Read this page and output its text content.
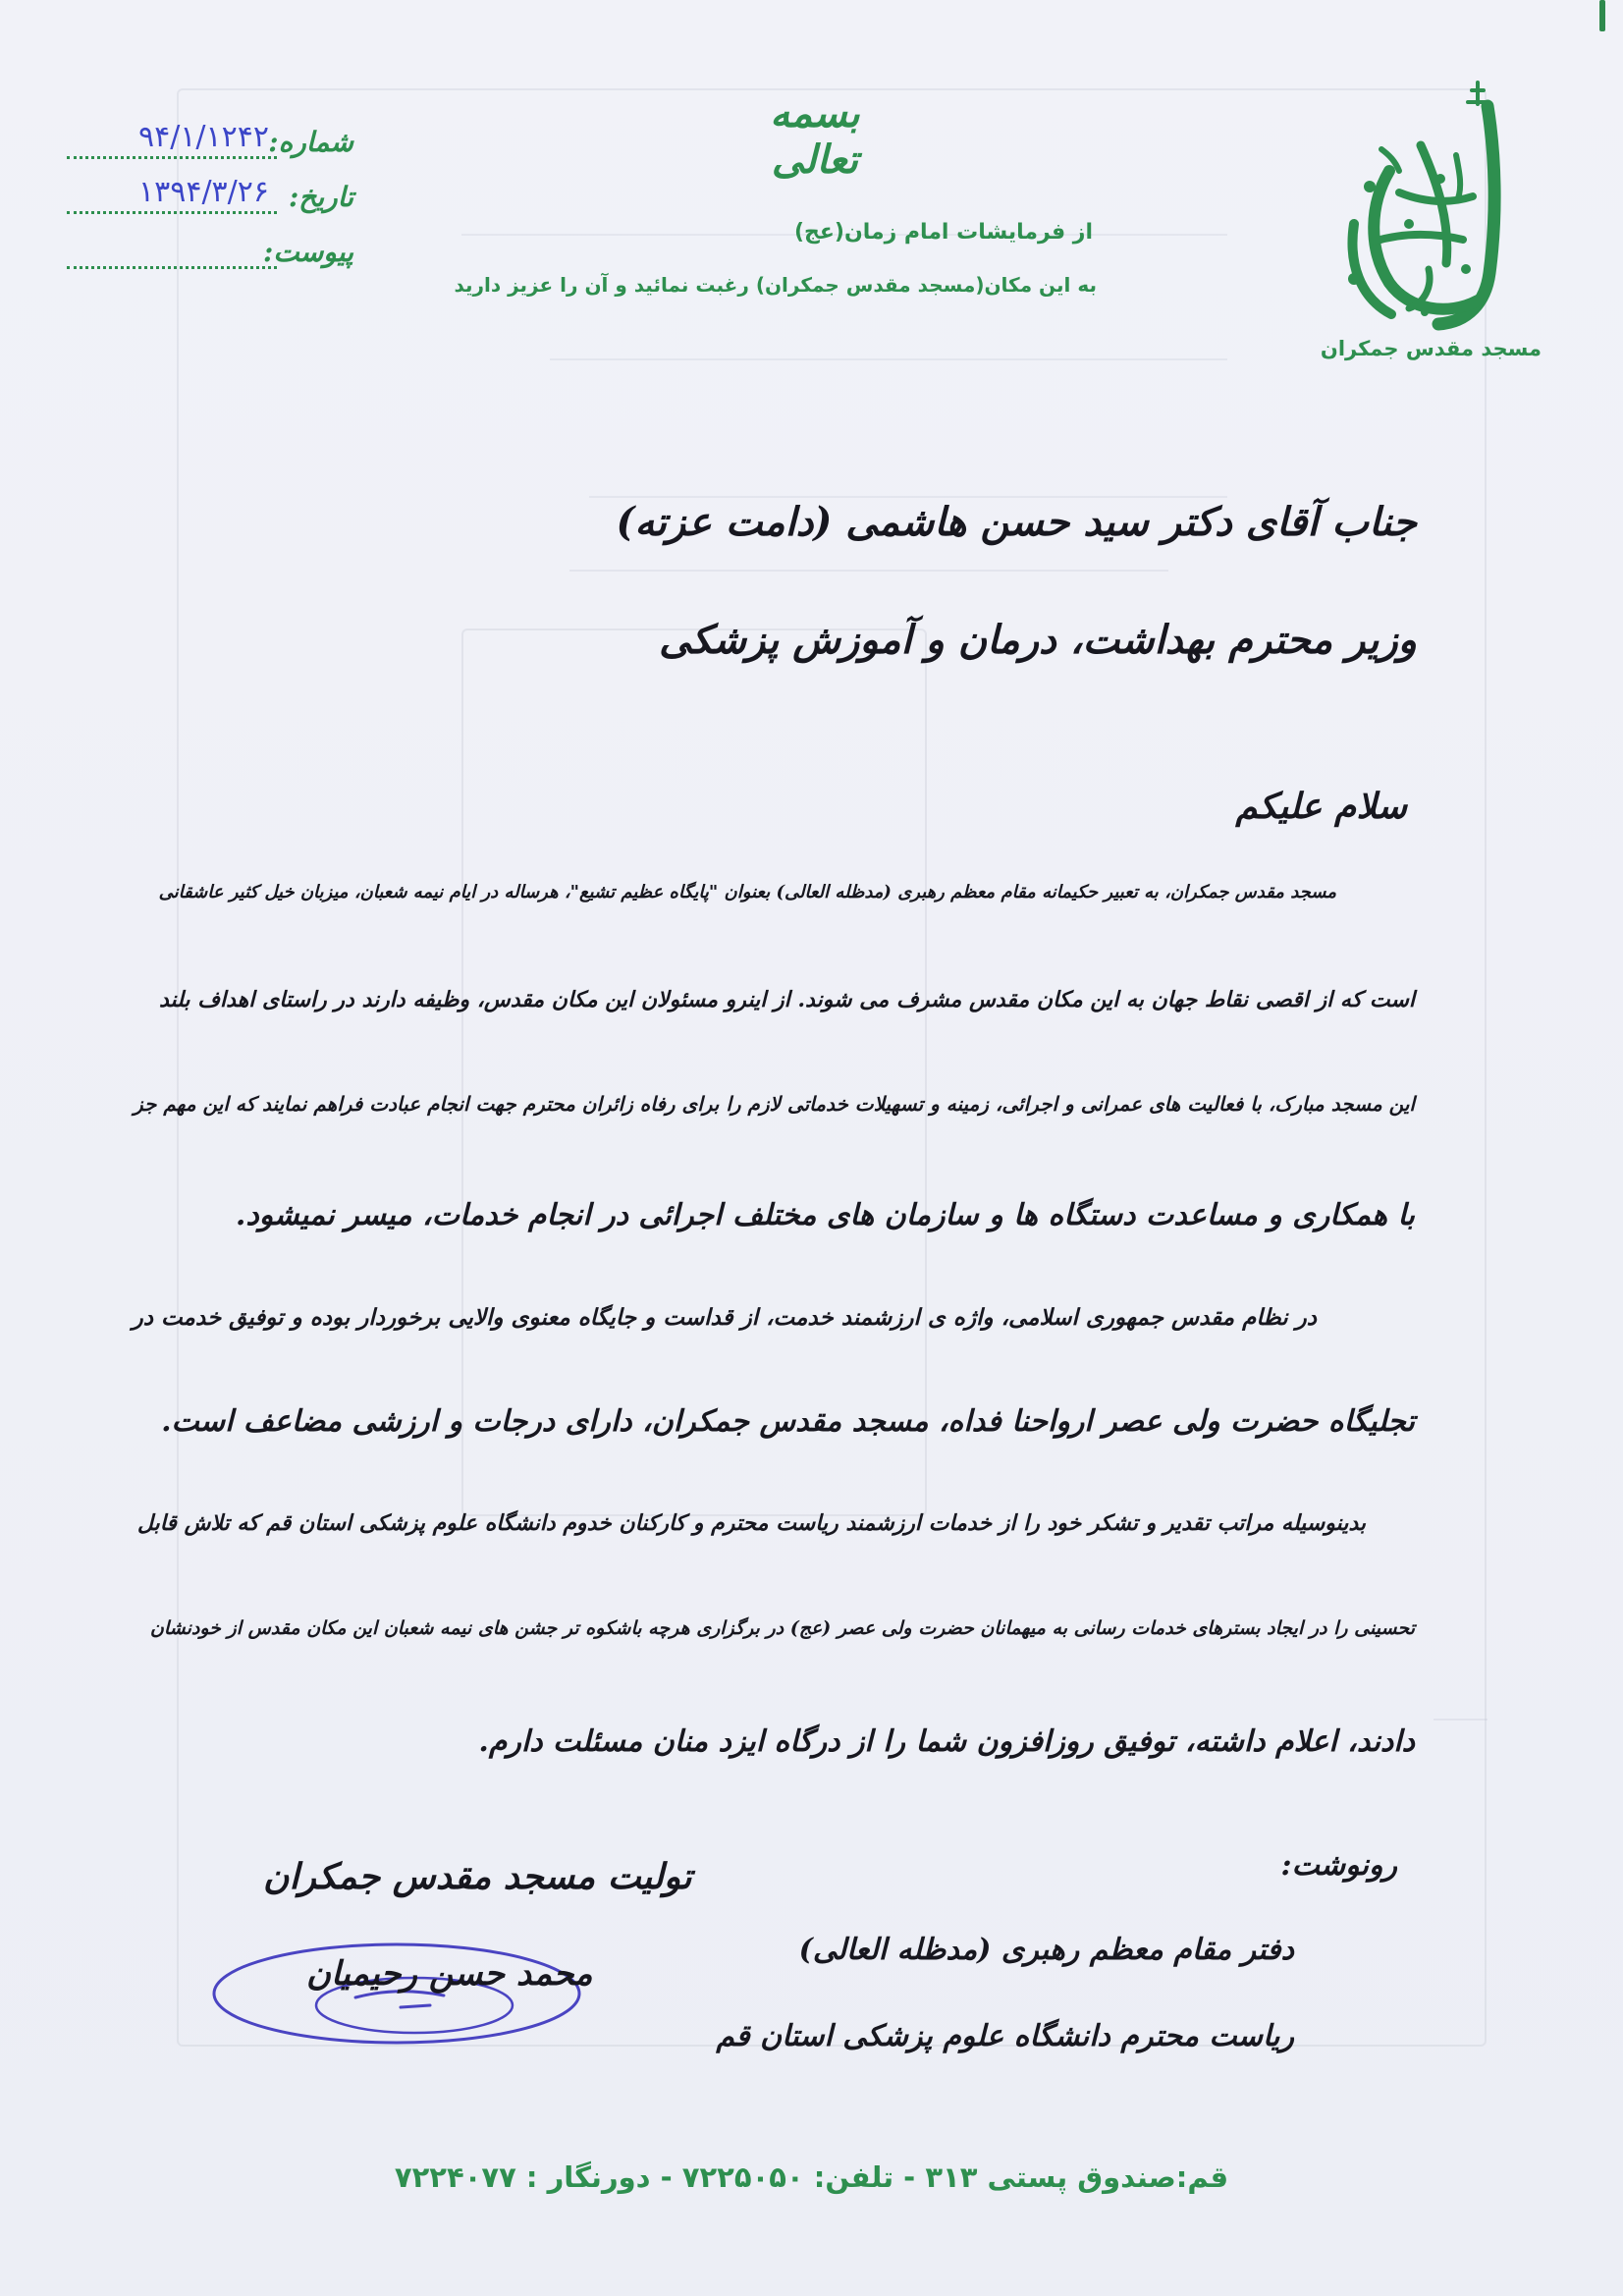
شماره:
۹۴/۱/۱۲۴۲
تاریخ:
۱۳۹۴/۳/۲۶
پیوست:
بسمه تعالی
از فرمایشات امام زمان(عج)
به این مکان(مسجد مقدس جمکران) رغبت نمائید و آن را عزیز دارید
مسجد مقدس جمکران
جناب آقای دکتر سید حسن هاشمی (دامت عزته)
وزیر محترم بهداشت، درمان و آموزش پزشکی
سلام علیکم
مسجد مقدس جمکران، به تعبیر حکیمانه مقام معظم رهبری (مدظله العالی) بعنوان "پایگاه عظیم تشیع"، هرساله در ایام نیمه شعبان، میزبان خیل کثیر عاشقانی
است که از اقصی نقاط جهان به این مکان مقدس مشرف می شوند. از اینرو مسئولان این مکان مقدس، وظیفه دارند در راستای اهداف بلند
این مسجد مبارک، با فعالیت های عمرانی و اجرائی، زمینه و تسهیلات خدماتی لازم را برای رفاه زائران محترم جهت انجام عبادت فراهم نمایند که این مهم جز
با همکاری و مساعدت دستگاه ها و سازمان های مختلف اجرائی در انجام خدمات، میسر نمیشود.
در نظام مقدس جمهوری اسلامی، واژه ی ارزشمند خدمت، از قداست و جایگاه معنوی والایی برخوردار بوده و توفیق خدمت در
تجلیگاه حضرت ولی عصر ارواحنا فداه، مسجد مقدس جمکران، دارای درجات و ارزشی مضاعف است.
بدینوسیله مراتب تقدیر و تشکر خود را از خدمات ارزشمند ریاست محترم و کارکنان خدوم دانشگاه علوم پزشکی استان قم که تلاش قابل
تحسینی را در ایجاد بسترهای خدمات رسانی به میهمانان حضرت ولی عصر (عج) در برگزاری هرچه باشکوه تر جشن های نیمه شعبان این مکان مقدس از خودنشان
دادند، اعلام داشته، توفیق روزافزون شما را از درگاه ایزد منان مسئلت دارم.
تولیت مسجد مقدس جمکران
محمد حسن رحیمیان
رونوشت:
دفتر مقام معظم رهبری (مدظله العالی)
ریاست محترم دانشگاه علوم پزشکی استان قم
قم:صندوق پستی ۳۱۳ - تلفن: ۷۲۲۵۰۵۰ - دورنگار : ۷۲۲۴۰۷۷
